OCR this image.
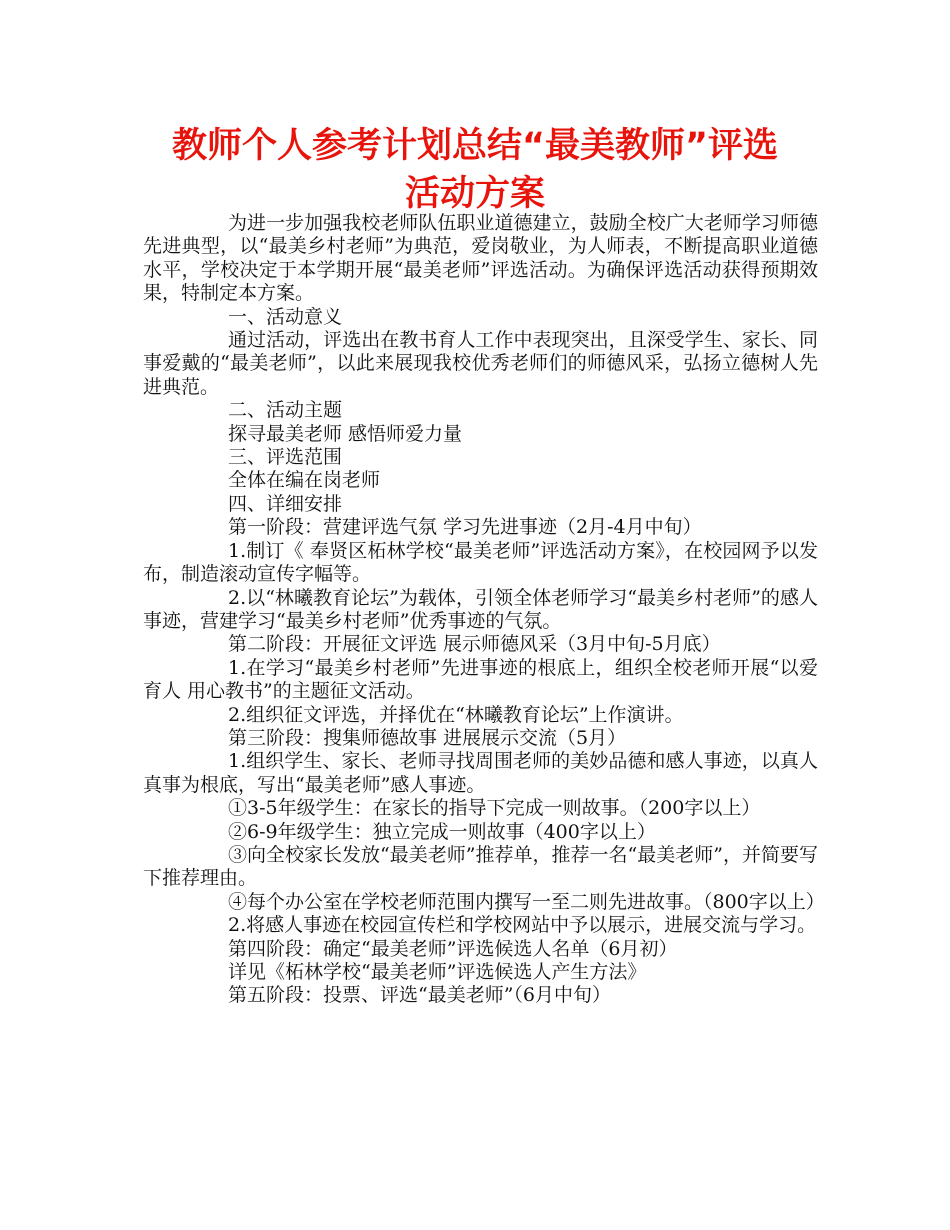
教师个人参考计划总结“最美教师”评选
活动方案

为进一步加强我校老师队伍职业道德建立，鼓励全校广大老师学习师德先进典型，以“最美乡村老师”为典范，爱岗敬业，为人师表，不断提高职业道德水平，学校决定于本学期开展“最美老师”评选活动。为确保评选活动获得预期效果，特制定本方案。

一、活动意义

通过活动，评选出在教书育人工作中表现突出，且深受学生、家长、同事爱戴的“最美老师”，以此来展现我校优秀老师们的师德风采，弘扬立德树人先进典范。

二、活动主题

探寻最美老师 感悟师爱力量

三、评选范围

全体在编在岗老师

四、详细安排

第一阶段：营建评选气氛 学习先进事迹（2月-4月中旬）

1.制订《 奉贤区柘林学校“最美老师”评选活动方案》，在校园网予以发布，制造滚动宣传字幅等。

2.以“林曦教育论坛”为载体，引领全体老师学习“最美乡村老师”的感人事迹，营建学习“最美乡村老师”优秀事迹的气氛。

第二阶段：开展征文评选 展示师德风采（3月中旬-5月底）

1.在学习“最美乡村老师”先进事迹的根底上，组织全校老师开展“以爱育人 用心教书”的主题征文活动。

2.组织征文评选，并择优在“林曦教育论坛”上作演讲。

第三阶段：搜集师德故事 进展展示交流（5月）

1.组织学生、家长、老师寻找周围老师的美妙品德和感人事迹，以真人真事为根底，写出“最美老师”感人事迹。

①3-5年级学生：在家长的指导下完成一则故事。（200字以上）

②6-9年级学生：独立完成一则故事（400字以上）

③向全校家长发放“最美老师”推荐单，推荐一名“最美老师”，并简要写下推荐理由。

④每个办公室在学校老师范围内撰写一至二则先进故事。（800字以上）

2.将感人事迹在校园宣传栏和学校网站中予以展示，进展交流与学习。

第四阶段：确定“最美老师”评选候选人名单（6月初）

详见《柘林学校“最美老师”评选候选人产生方法》

第五阶段：投票、评选“最美老师”（6月中旬）
